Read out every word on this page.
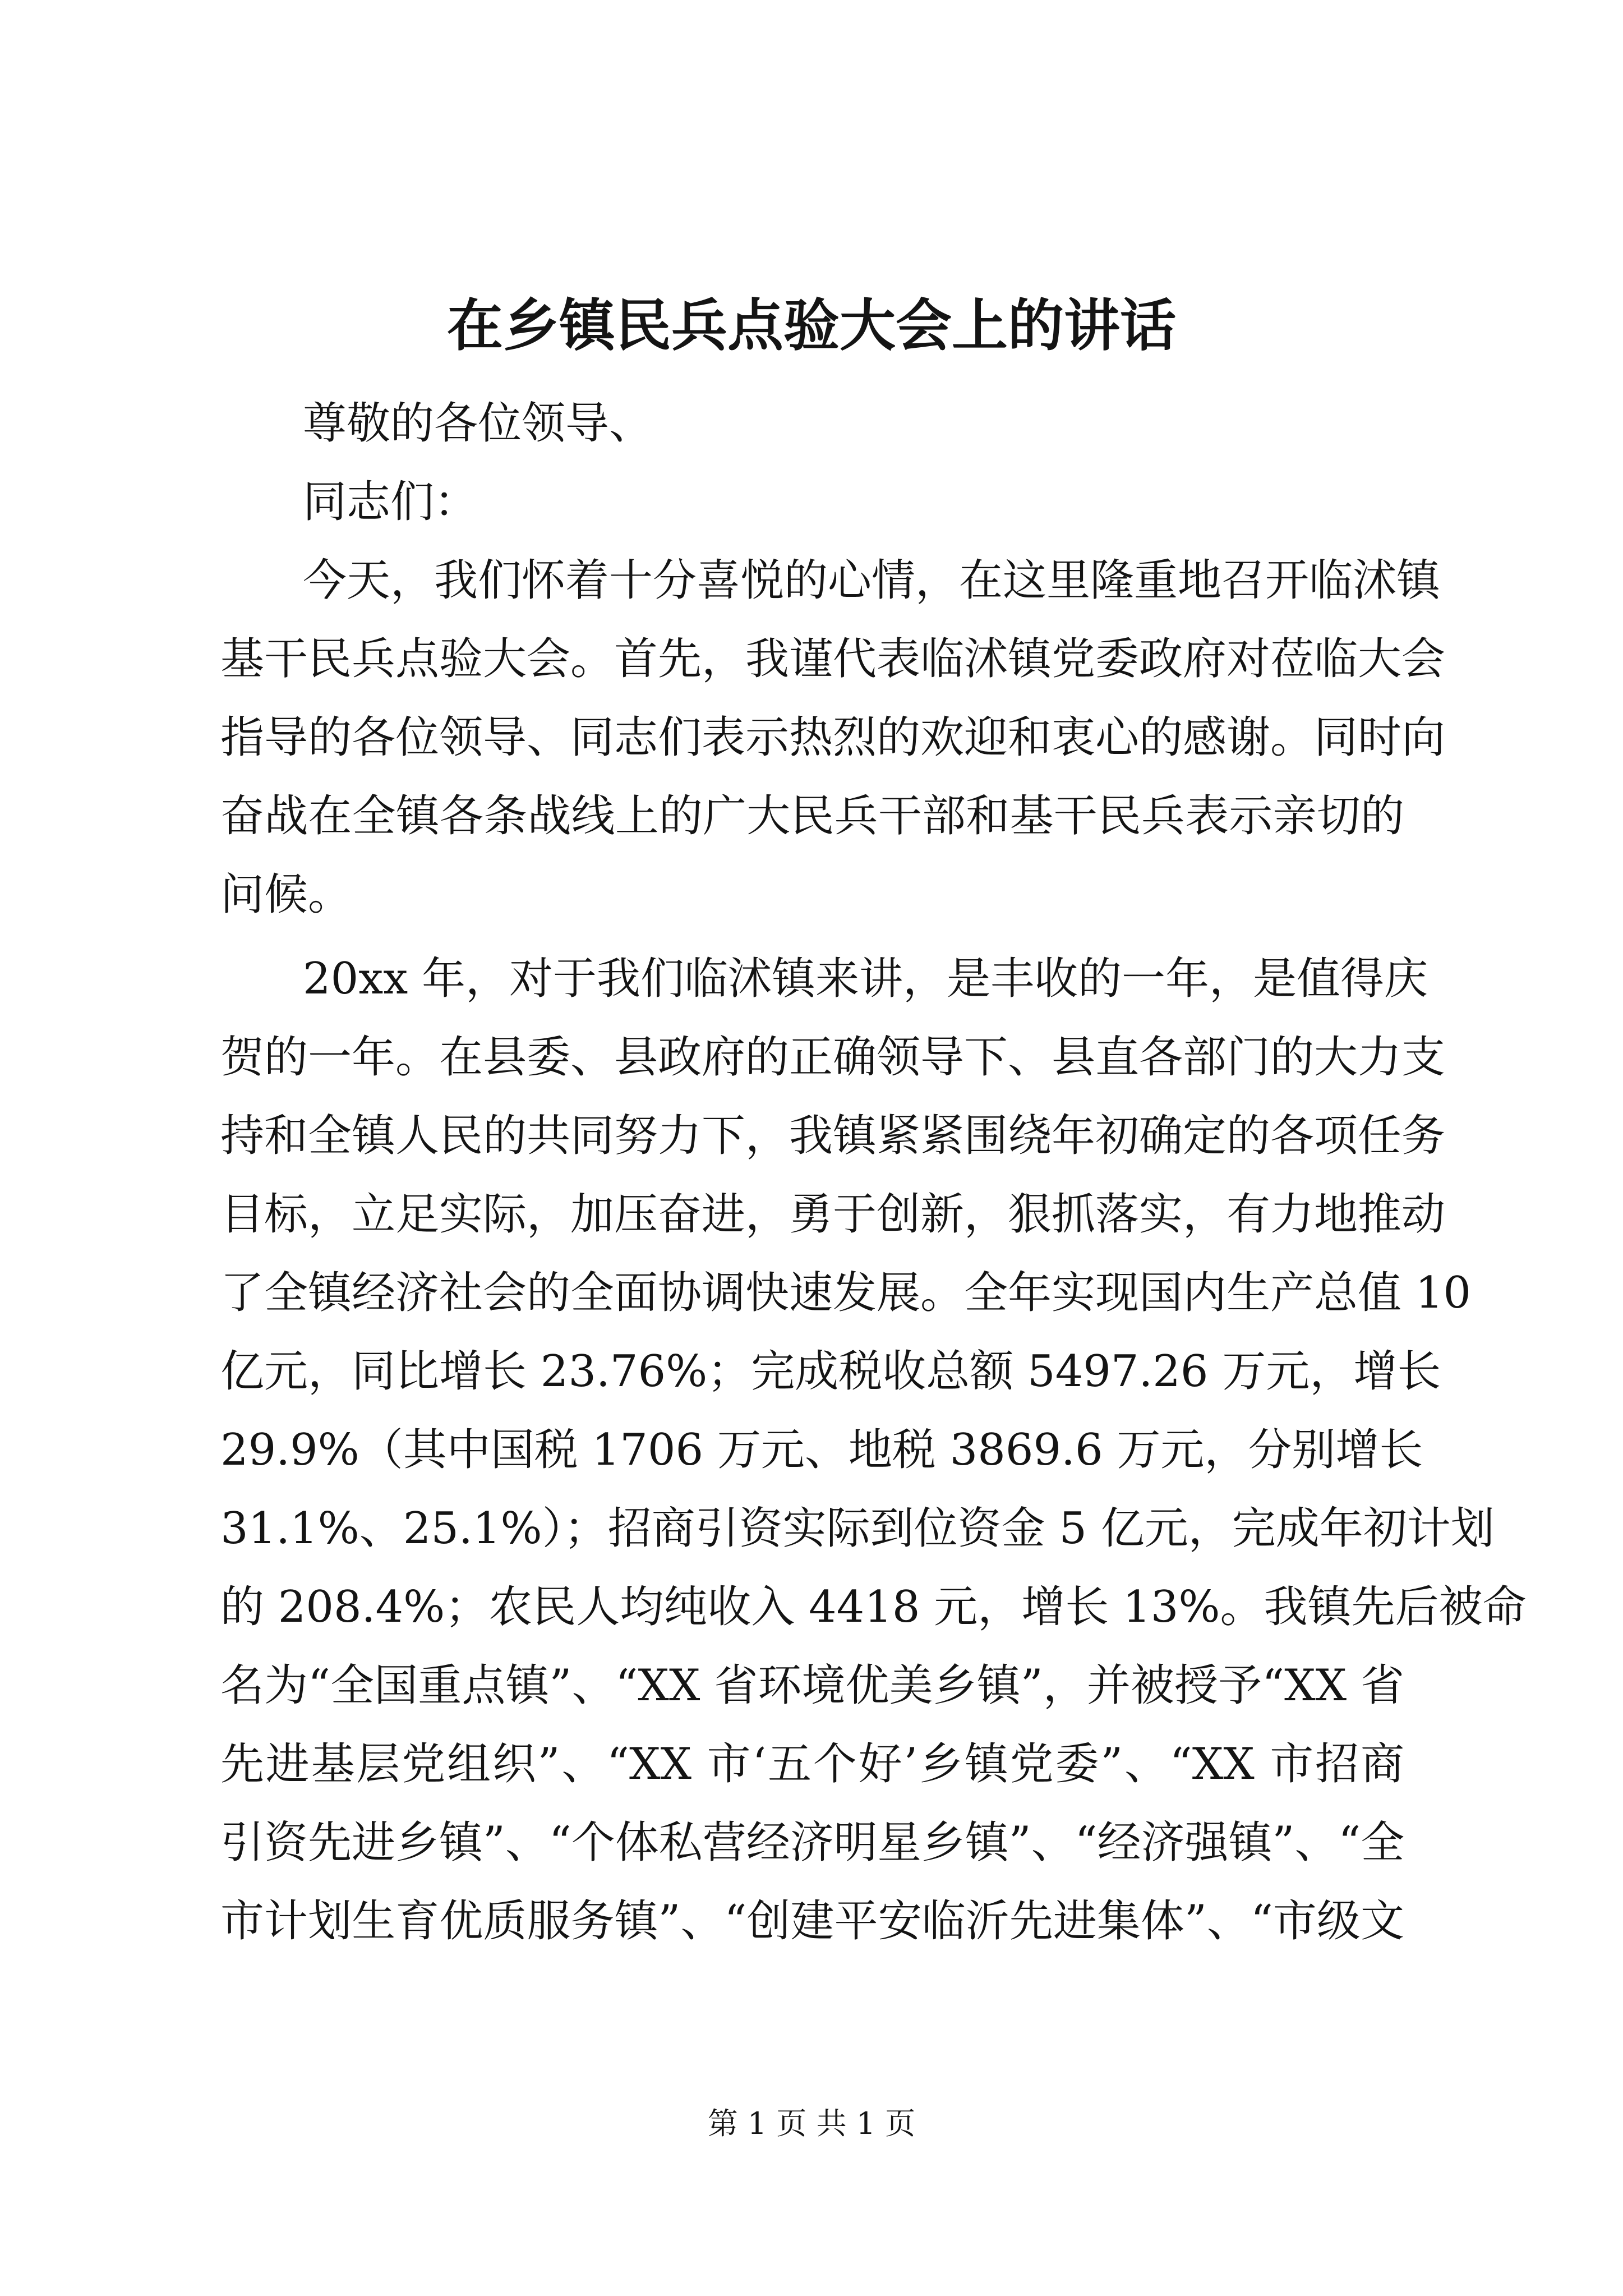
在乡镇民兵点验大会上的讲话
尊敬的各位领导、
同志们：
今天，我们怀着十分喜悦的心情，在这里隆重地召开临沭镇
基干民兵点验大会。首先，我谨代表临沭镇党委政府对莅临大会
指导的各位领导、同志们表示热烈的欢迎和衷心的感谢。同时向
奋战在全镇各条战线上的广大民兵干部和基干民兵表示亲切的
问候。
20xx 年，对于我们临沭镇来讲，是丰收的一年，是值得庆
贺的一年。在县委、县政府的正确领导下、县直各部门的大力支
持和全镇人民的共同努力下，我镇紧紧围绕年初确定的各项任务
目标，立足实际，加压奋进，勇于创新，狠抓落实，有力地推动
了全镇经济社会的全面协调快速发展。全年实现国内生产总值 10
亿元，同比增长 23.76%；完成税收总额 5497.26 万元，增长
29.9%（其中国税 1706 万元、地税 3869.6 万元，分别增长
31.1%、25.1%）；招商引资实际到位资金 5 亿元，完成年初计划
的 208.4%；农民人均纯收入 4418 元，增长 13%。我镇先后被命
名为“全国重点镇”、“XX 省环境优美乡镇”，并被授予“XX 省
先进基层党组织”、“XX 市‘五个好’乡镇党委”、“XX 市招商
引资先进乡镇”、“个体私营经济明星乡镇”、“经济强镇”、“全
市计划生育优质服务镇”、“创建平安临沂先进集体”、“市级文
第 1 页 共 1 页
